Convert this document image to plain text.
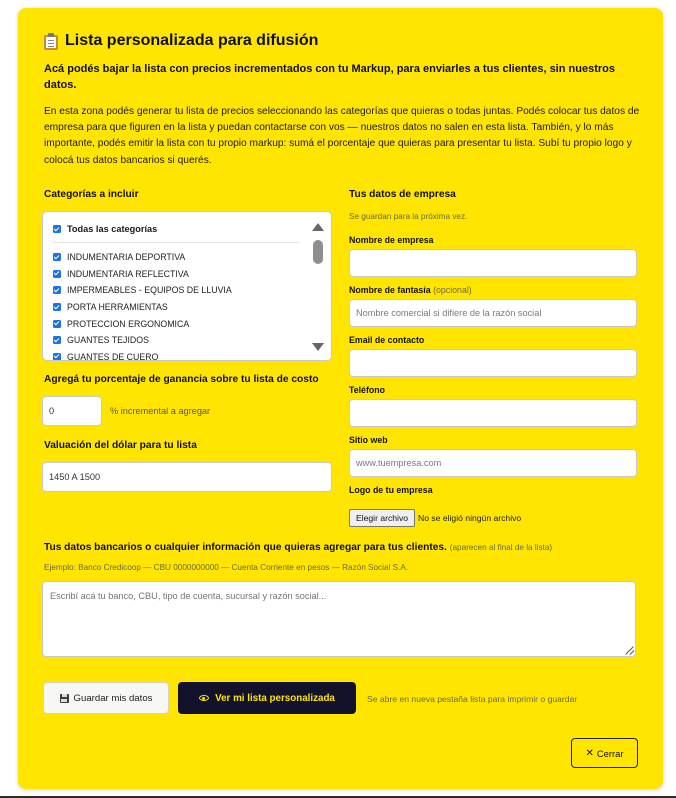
Lista personalizada para difusión
Acá podés bajar la lista con precios incrementados con tu Markup, para enviarles a tus clientes, sin nuestros datos.
En esta zona podés generar tu lista de precios seleccionando las categorías que quieras o todas juntas. Podés colocar tus datos de empresa para que figuren en la lista y puedan contactarse con vos — nuestros datos no salen en esta lista. También, y lo más importante, podés emitir la lista con tu propio markup: sumá el porcentaje que quieras para presentar tu lista. Subí tu propio logo y colocá tus datos bancarios si querés.
Categorías a incluir
Todas las categorías
INDUMENTARIA DEPORTIVA
INDUMENTARIA REFLECTIVA
IMPERMEABLES - EQUIPOS DE LLUVIA
PORTA HERRAMIENTAS
PROTECCION ERGONOMICA
GUANTES TEJIDOS
GUANTES DE CUERO
Agregá tu porcentaje de ganancia sobre tu lista de costo
0
% incremental a agregar
Valuación del dólar para tu lista
1450 A 1500
Tus datos de empresa
Se guardan para la próxima vez.
Nombre de empresa
Nombre de fantasía (opcional)
Nombre comercial si difiere de la razón social
Email de contacto
Teléfono
Sitio web
www.tuempresa.com
Logo de tu empresa
Elegir archivo	No se eligió ningún archivo
Tus datos bancarios o cualquier información que quieras agregar para tus clientes. (aparecen al final de la lista)
Ejemplo: Banco Credicoop — CBU 0000000000 — Cuenta Corriente en pesos — Razón Social S.A.
Escribí acá tu banco, CBU, tipo de cuenta, sucursal y razón social...
Guardar mis datos	Ver mi lista personalizada	Se abre en nueva pestaña lista para imprimir o guardar
✕ Cerrar
